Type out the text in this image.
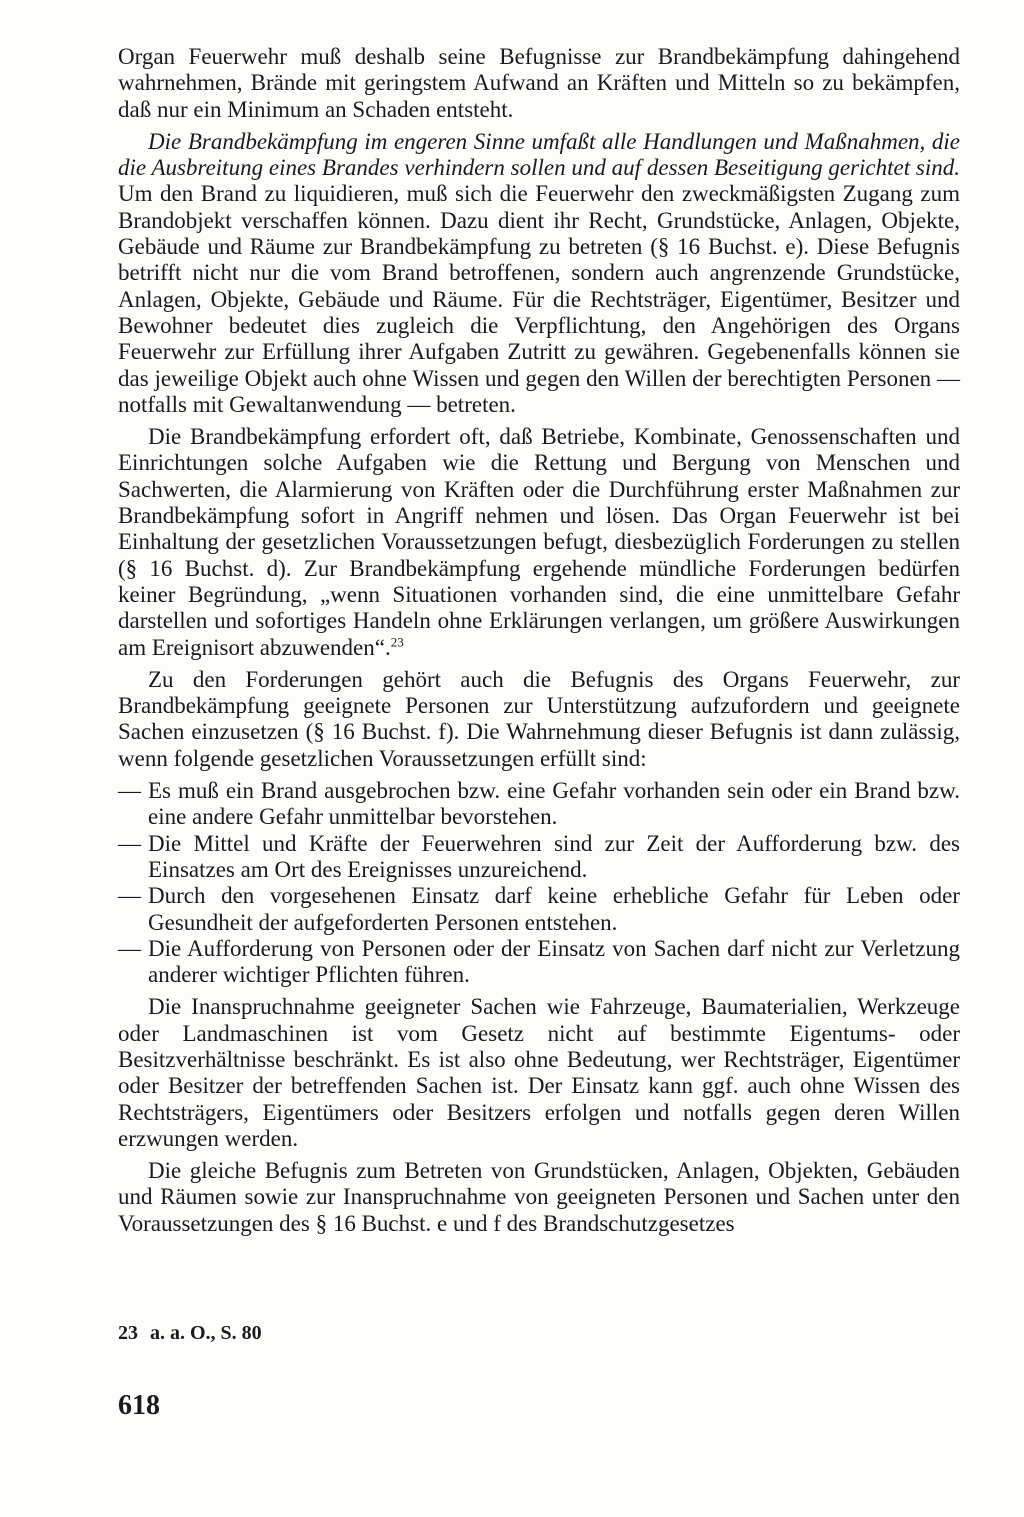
Organ Feuerwehr muß deshalb seine Befugnisse zur Brandbekämpfung dahingehend wahrnehmen, Brände mit geringstem Aufwand an Kräften und Mitteln so zu bekämpfen, daß nur ein Minimum an Schaden entsteht.

Die Brandbekämpfung im engeren Sinne umfaßt alle Handlungen und Maßnahmen, die die Ausbreitung eines Brandes verhindern sollen und auf dessen Beseitigung gerichtet sind. Um den Brand zu liquidieren, muß sich die Feuerwehr den zweckmäßigsten Zugang zum Brandobjekt verschaffen können. Dazu dient ihr Recht, Grundstücke, Anlagen, Objekte, Gebäude und Räume zur Brandbekämpfung zu betreten (§ 16 Buchst. e). Diese Befugnis betrifft nicht nur die vom Brand betroffenen, sondern auch angrenzende Grundstücke, Anlagen, Objekte, Gebäude und Räume. Für die Rechtsträger, Eigentümer, Besitzer und Bewohner bedeutet dies zugleich die Verpflichtung, den Angehörigen des Organs Feuerwehr zur Erfüllung ihrer Aufgaben Zutritt zu gewähren. Gegebenenfalls können sie das jeweilige Objekt auch ohne Wissen und gegen den Willen der berechtigten Personen — notfalls mit Gewaltanwendung — betreten.

Die Brandbekämpfung erfordert oft, daß Betriebe, Kombinate, Genossenschaften und Einrichtungen solche Aufgaben wie die Rettung und Bergung von Menschen und Sachwerten, die Alarmierung von Kräften oder die Durchführung erster Maßnahmen zur Brandbekämpfung sofort in Angriff nehmen und lösen. Das Organ Feuerwehr ist bei Einhaltung der gesetzlichen Voraussetzungen befugt, diesbezüglich Forderungen zu stellen (§ 16 Buchst. d). Zur Brandbekämpfung ergehende mündliche Forderungen bedürfen keiner Begründung, „wenn Situationen vorhanden sind, die eine unmittelbare Gefahr darstellen und sofortiges Handeln ohne Erklärungen verlangen, um größere Auswirkungen am Ereignisort abzuwenden“.$^{23}$

Zu den Forderungen gehört auch die Befugnis des Organs Feuerwehr, zur Brandbekämpfung geeignete Personen zur Unterstützung aufzufordern und geeignete Sachen einzusetzen (§ 16 Buchst. f). Die Wahrnehmung dieser Befugnis ist dann zulässig, wenn folgende gesetzlichen Voraussetzungen erfüllt sind:

— Es muß ein Brand ausgebrochen bzw. eine Gefahr vorhanden sein oder ein Brand bzw. eine andere Gefahr unmittelbar bevorstehen.
— Die Mittel und Kräfte der Feuerwehren sind zur Zeit der Aufforderung bzw. des Einsatzes am Ort des Ereignisses unzureichend.
— Durch den vorgesehenen Einsatz darf keine erhebliche Gefahr für Leben oder Gesundheit der aufgeforderten Personen entstehen.
— Die Aufforderung von Personen oder der Einsatz von Sachen darf nicht zur Verletzung anderer wichtiger Pflichten führen.

Die Inanspruchnahme geeigneter Sachen wie Fahrzeuge, Baumaterialien, Werkzeuge oder Landmaschinen ist vom Gesetz nicht auf bestimmte Eigentums- oder Besitzverhältnisse beschränkt. Es ist also ohne Bedeutung, wer Rechtsträger, Eigentümer oder Besitzer der betreffenden Sachen ist. Der Einsatz kann ggf. auch ohne Wissen des Rechtsträgers, Eigentümers oder Besitzers erfolgen und notfalls gegen deren Willen erzwungen werden.

Die gleiche Befugnis zum Betreten von Grundstücken, Anlagen, Objekten, Gebäuden und Räumen sowie zur Inanspruchnahme von geeigneten Personen und Sachen unter den Voraussetzungen des § 16 Buchst. e und f des Brandschutzgesetzes

23 a. a. O., S. 80
618
